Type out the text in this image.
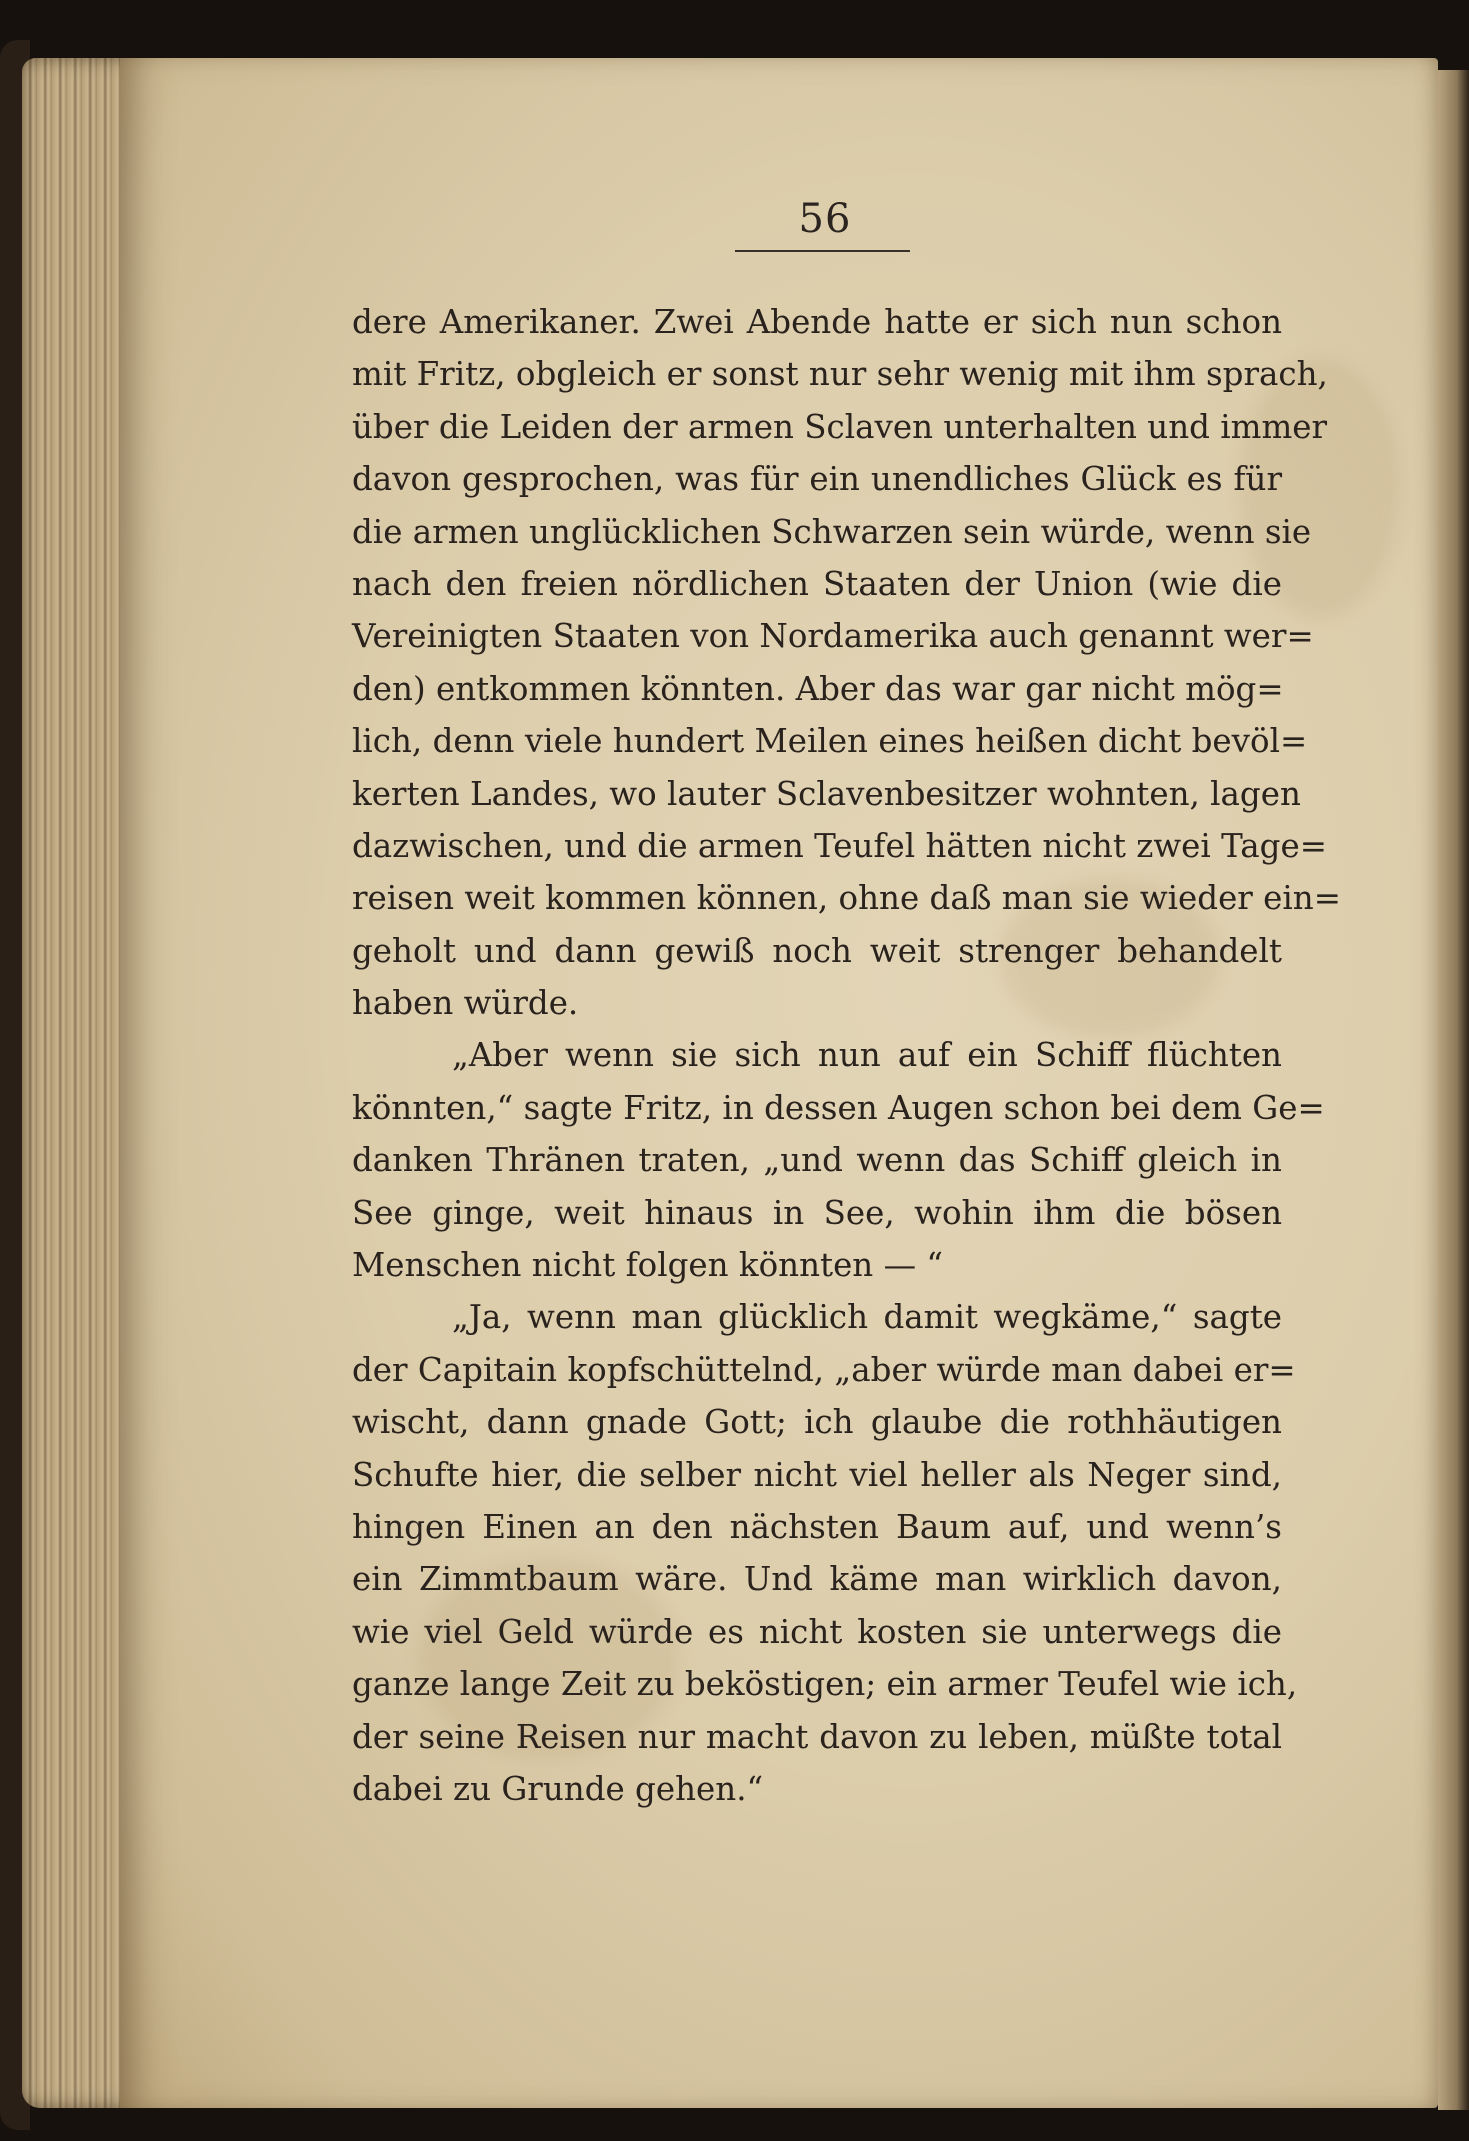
56
dere Amerikaner. Zwei Abende hatte er sich nun schon
mit Fritz, obgleich er sonst nur sehr wenig mit ihm sprach,
über die Leiden der armen Sclaven unterhalten und immer
davon gesprochen, was für ein unendliches Glück es für
die armen unglücklichen Schwarzen sein würde, wenn sie
nach den freien nördlichen Staaten der Union (wie die
Vereinigten Staaten von Nordamerika auch genannt wer=
den) entkommen könnten. Aber das war gar nicht mög=
lich, denn viele hundert Meilen eines heißen dicht bevöl=
kerten Landes, wo lauter Sclavenbesitzer wohnten, lagen
dazwischen, und die armen Teufel hätten nicht zwei Tage=
reisen weit kommen können, ohne daß man sie wieder ein=
geholt und dann gewiß noch weit strenger behandelt
haben würde.
„Aber wenn sie sich nun auf ein Schiff flüchten
könnten,“ sagte Fritz, in dessen Augen schon bei dem Ge=
danken Thränen traten, „und wenn das Schiff gleich in
See ginge, weit hinaus in See, wohin ihm die bösen
Menschen nicht folgen könnten — “
„Ja, wenn man glücklich damit wegkäme,“ sagte
der Capitain kopfschüttelnd, „aber würde man dabei er=
wischt, dann gnade Gott; ich glaube die rothhäutigen
Schufte hier, die selber nicht viel heller als Neger sind,
hingen Einen an den nächsten Baum auf, und wenn’s
ein Zimmtbaum wäre. Und käme man wirklich davon,
wie viel Geld würde es nicht kosten sie unterwegs die
ganze lange Zeit zu beköstigen; ein armer Teufel wie ich,
der seine Reisen nur macht davon zu leben, müßte total
dabei zu Grunde gehen.“
